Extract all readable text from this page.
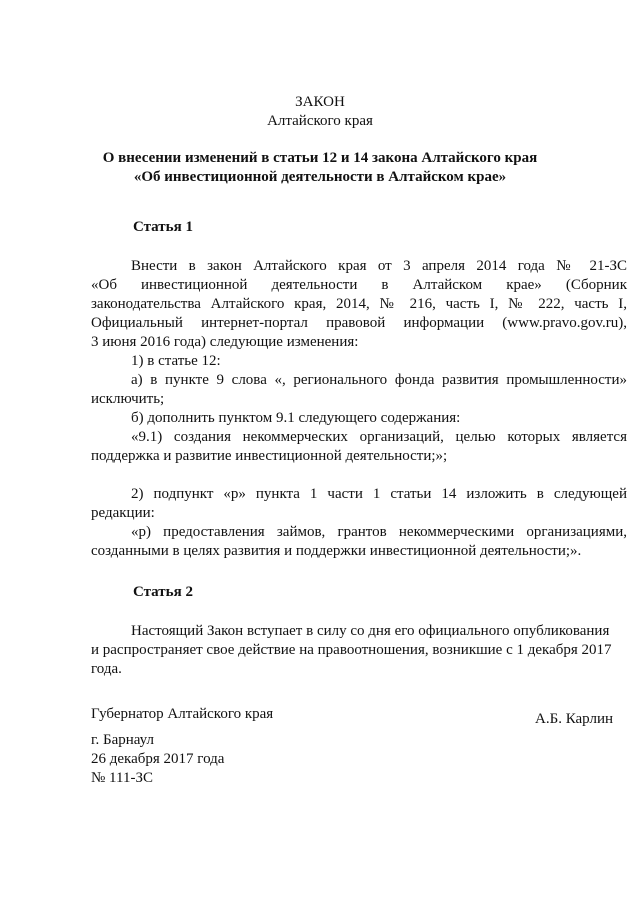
ЗАКОН
Алтайского края
О внесении изменений в статьи 12 и 14 закона Алтайского края
«Об инвестиционной деятельности в Алтайском крае»
Статья 1
Внести в закон Алтайского края от 3 апреля 2014 года № 21-ЗС
«Об инвестиционной деятельности в Алтайском крае» (Сборник
законодательства Алтайского края, 2014, № 216, часть I, № 222, часть I,
Официальный интернет-портал правовой информации (www.pravo.gov.ru),
3 июня 2016 года) следующие изменения:
1) в статье 12:
а) в пункте 9 слова «, регионального фонда развития промышленности»
исключить;
б) дополнить пунктом 9.1 следующего содержания:
«9.1) создания некоммерческих организаций, целью которых является
поддержка и развитие инвестиционной деятельности;»;
2) подпункт «р» пункта 1 части 1 статьи 14 изложить в следующей
редакции:
«р) предоставления займов, грантов некоммерческими организациями,
созданными в целях развития и поддержки инвестиционной деятельности;».
Статья 2
Настоящий Закон вступает в силу со дня его официального опубликования
и распространяет свое действие на правоотношения, возникшие с 1 декабря 2017
года.
Губернатор Алтайского края	А.Б. Карлин
г. Барнаул
26 декабря 2017 года
№ 111-ЗС
